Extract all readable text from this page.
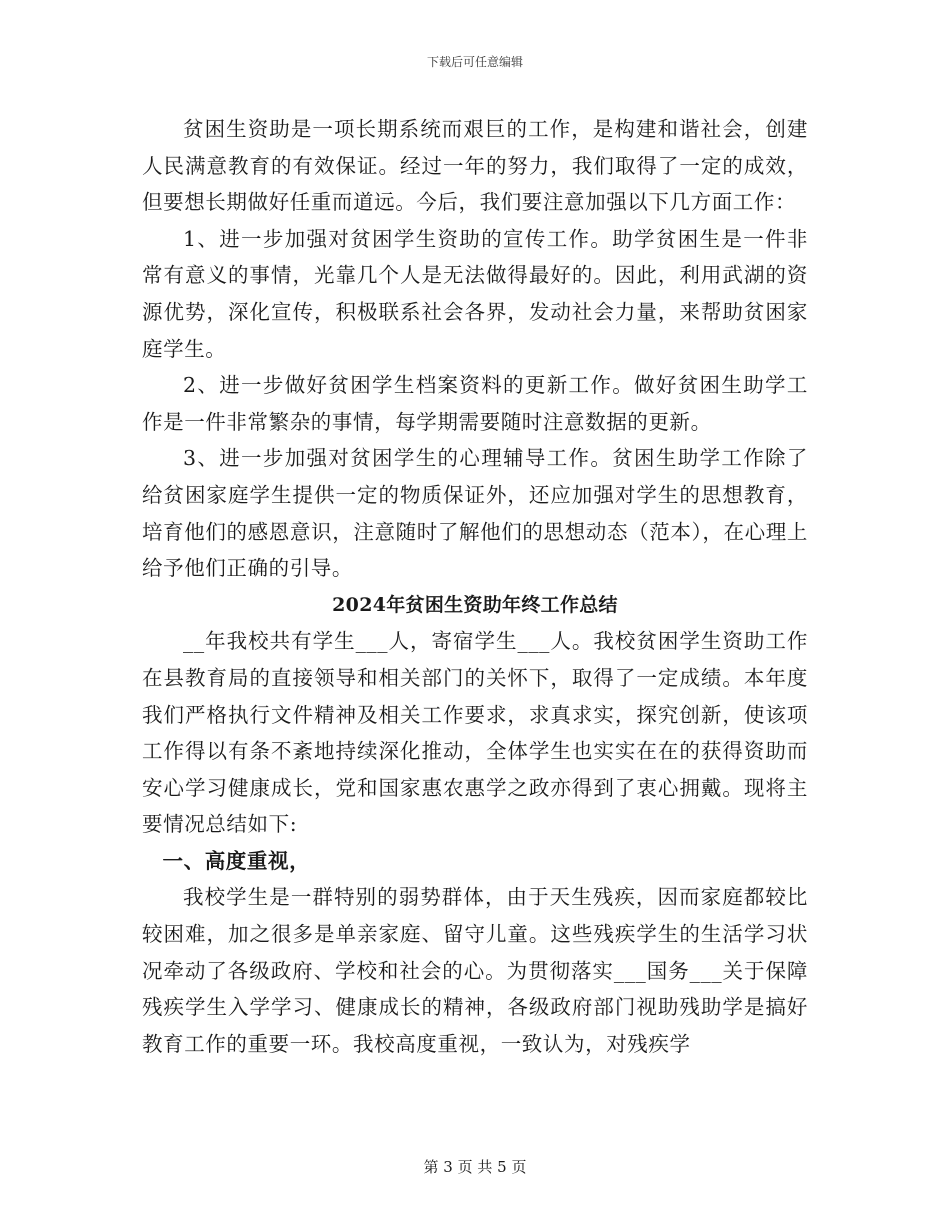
下载后可任意编辑

贫困生资助是一项长期系统而艰巨的工作，是构建和谐社会，创建人民满意教育的有效保证。经过一年的努力，我们取得了一定的成效，但要想长期做好任重而道远。今后，我们要注意加强以下几方面工作：

1、进一步加强对贫困学生资助的宣传工作。助学贫困生是一件非常有意义的事情，光靠几个人是无法做得最好的。因此，利用武湖的资源优势，深化宣传，积极联系社会各界，发动社会力量，来帮助贫困家庭学生。

2、进一步做好贫困学生档案资料的更新工作。做好贫困生助学工作是一件非常繁杂的事情，每学期需要随时注意数据的更新。

3、进一步加强对贫困学生的心理辅导工作。贫困生助学工作除了给贫困家庭学生提供一定的物质保证外，还应加强对学生的思想教育，培育他们的感恩意识，注意随时了解他们的思想动态（范本），在心理上给予他们正确的引导。

2024年贫困生资助年终工作总结

__年我校共有学生___人，寄宿学生___人。我校贫困学生资助工作在县教育局的直接领导和相关部门的关怀下，取得了一定成绩。本年度我们严格执行文件精神及相关工作要求，求真求实，探究创新，使该项工作得以有条不紊地持续深化推动，全体学生也实实在在的获得资助而安心学习健康成长，党和国家惠农惠学之政亦得到了衷心拥戴。现将主要情况总结如下:

一、高度重视，

我校学生是一群特别的弱势群体，由于天生残疾，因而家庭都较比较困难，加之很多是单亲家庭、留守儿童。这些残疾学生的生活学习状况牵动了各级政府、学校和社会的心。为贯彻落实___国务___关于保障残疾学生入学学习、健康成长的精神，各级政府部门视助残助学是搞好教育工作的重要一环。我校高度重视，一致认为，对残疾学

第 3 页 共 5 页
